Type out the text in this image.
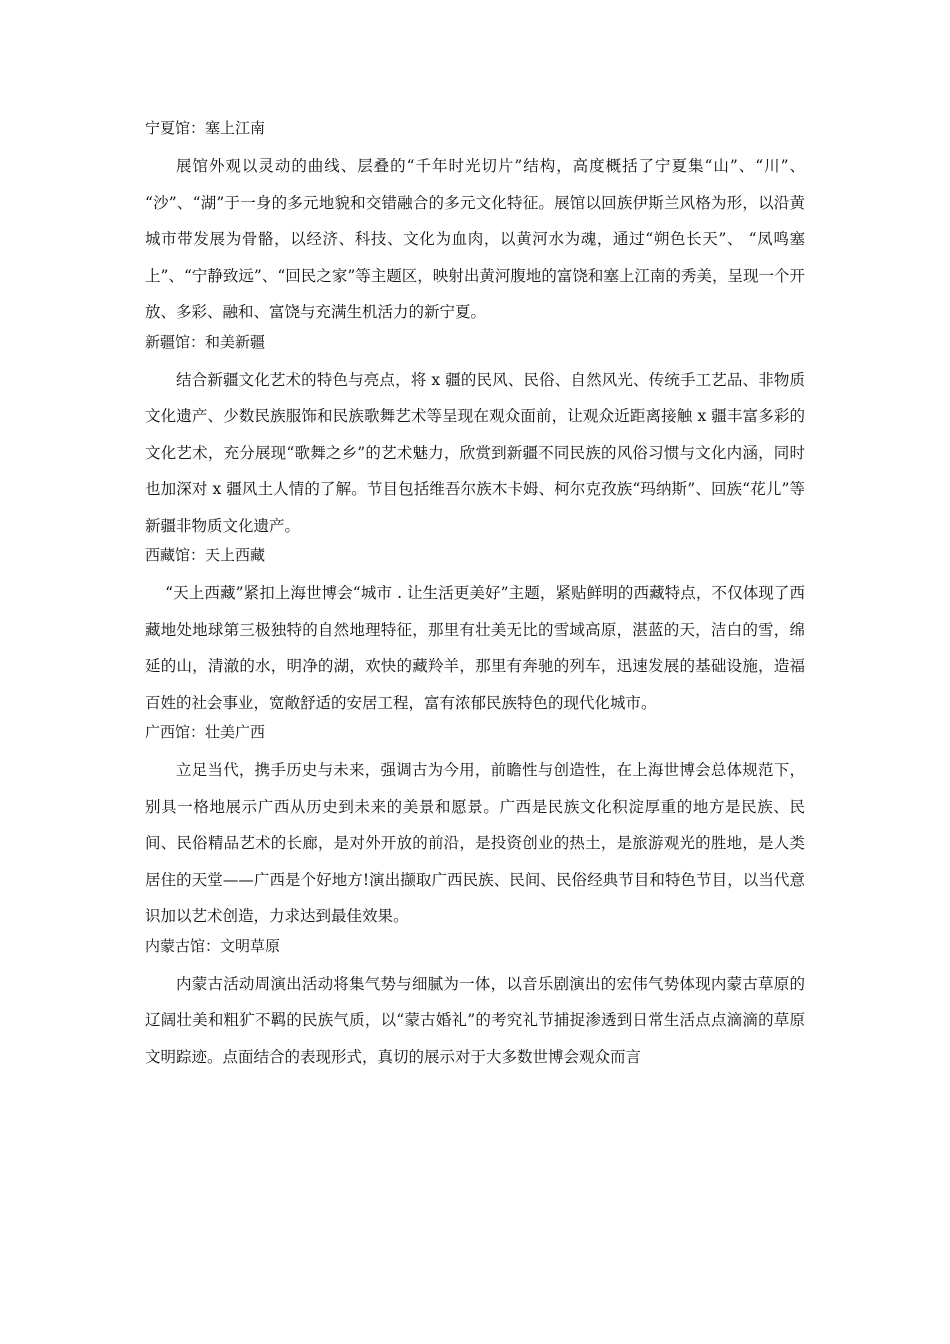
宁夏馆：塞上江南

展馆外观以灵动的曲线、层叠的“千年时光切片”结构，高度概括了宁夏集“山”、“川”、 “沙”、“湖”于一身的多元地貌和交错融合的多元文化特征。展馆以回族伊斯兰风格为形，以沿黄城市带发展为骨骼，以经济、科技、文化为血肉，以黄河水为魂，通过“朔色长天”、 “凤鸣塞上”、“宁静致远”、“回民之家”等主题区，映射出黄河腹地的富饶和塞上江南的秀美，呈现一个开放、多彩、融和、富饶与充满生机活力的新宁夏。

新疆馆：和美新疆

结合新疆文化艺术的特色与亮点，将 x 疆的民风、民俗、自然风光、传统手工艺品、非物质文化遗产、少数民族服饰和民族歌舞艺术等呈现在观众面前，让观众近距离接触 x 疆丰富多彩的文化艺术，充分展现“歌舞之乡”的艺术魅力，欣赏到新疆不同民族的风俗习惯与文化内涵，同时也加深对 x 疆风土人情的了解。节目包括维吾尔族木卡姆、柯尔克孜族“玛纳斯”、回族“花儿”等新疆非物质文化遗产。

西藏馆：天上西藏

“天上西藏”紧扣上海世博会“城市 . 让生活更美好”主题，紧贴鲜明的西藏特点，不仅体现了西藏地处地球第三极独特的自然地理特征，那里有壮美无比的雪域高原，湛蓝的天，洁白的雪，绵延的山，清澈的水，明净的湖，欢快的藏羚羊，那里有奔驰的列车，迅速发展的基础设施，造福百姓的社会事业，宽敞舒适的安居工程，富有浓郁民族特色的现代化城市。

广西馆：壮美广西

立足当代，携手历史与未来，强调古为今用，前瞻性与创造性，在上海世博会总体规范下，别具一格地展示广西从历史到未来的美景和愿景。广西是民族文化积淀厚重的地方是民族、民间、民俗精品艺术的长廊，是对外开放的前沿，是投资创业的热土，是旅游观光的胜地，是人类居住的天堂——广西是个好地方!演出撷取广西民族、民间、民俗经典节目和特色节目，以当代意识加以艺术创造，力求达到最佳效果。

内蒙古馆：文明草原

内蒙古活动周演出活动将集气势与细腻为一体，以音乐剧演出的宏伟气势体现内蒙古草原的辽阔壮美和粗犷不羁的民族气质，以“蒙古婚礼”的考究礼节捕捉渗透到日常生活点点滴滴的草原文明踪迹。点面结合的表现形式，真切的展示对于大多数世博会观众而言
